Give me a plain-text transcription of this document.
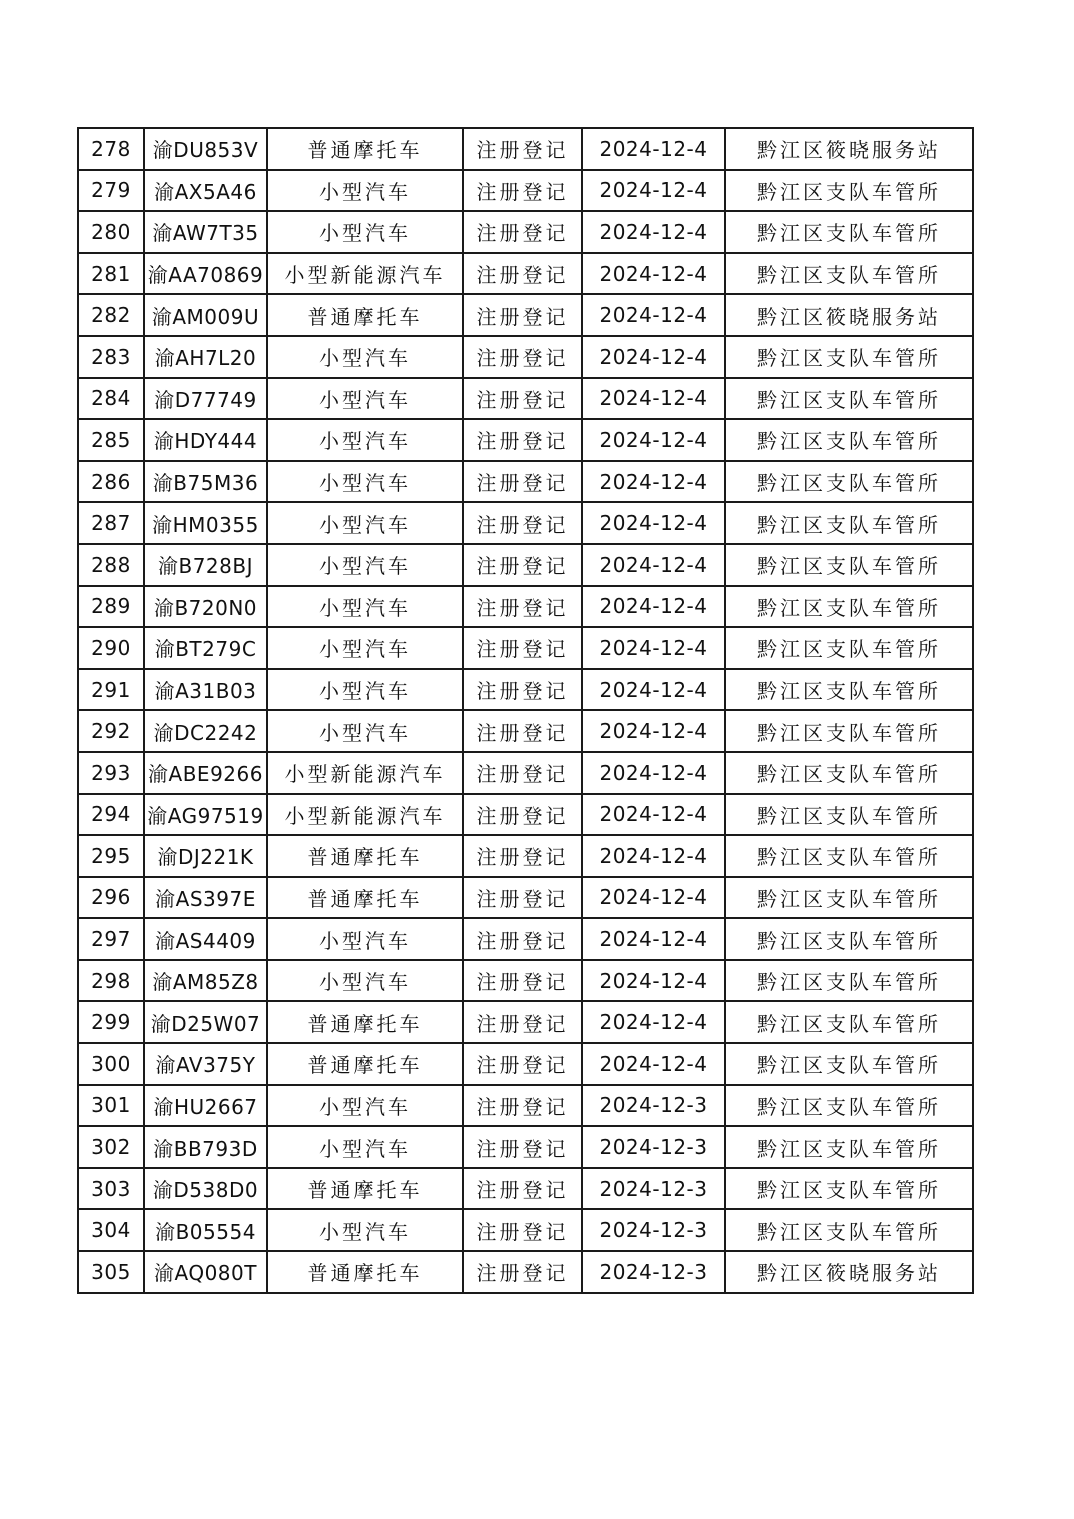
278	渝DU853V	普通摩托车	注册登记	2024-12-4	黔江区筱晓服务站
279	渝AX5A46	小型汽车	注册登记	2024-12-4	黔江区支队车管所
280	渝AW7T35	小型汽车	注册登记	2024-12-4	黔江区支队车管所
281	渝AA70869	小型新能源汽车	注册登记	2024-12-4	黔江区支队车管所
282	渝AM009U	普通摩托车	注册登记	2024-12-4	黔江区筱晓服务站
283	渝AH7L20	小型汽车	注册登记	2024-12-4	黔江区支队车管所
284	渝D77749	小型汽车	注册登记	2024-12-4	黔江区支队车管所
285	渝HDY444	小型汽车	注册登记	2024-12-4	黔江区支队车管所
286	渝B75M36	小型汽车	注册登记	2024-12-4	黔江区支队车管所
287	渝HM0355	小型汽车	注册登记	2024-12-4	黔江区支队车管所
288	渝B728BJ	小型汽车	注册登记	2024-12-4	黔江区支队车管所
289	渝B720N0	小型汽车	注册登记	2024-12-4	黔江区支队车管所
290	渝BT279C	小型汽车	注册登记	2024-12-4	黔江区支队车管所
291	渝A31B03	小型汽车	注册登记	2024-12-4	黔江区支队车管所
292	渝DC2242	小型汽车	注册登记	2024-12-4	黔江区支队车管所
293	渝ABE9266	小型新能源汽车	注册登记	2024-12-4	黔江区支队车管所
294	渝AG97519	小型新能源汽车	注册登记	2024-12-4	黔江区支队车管所
295	渝DJ221K	普通摩托车	注册登记	2024-12-4	黔江区支队车管所
296	渝AS397E	普通摩托车	注册登记	2024-12-4	黔江区支队车管所
297	渝AS4409	小型汽车	注册登记	2024-12-4	黔江区支队车管所
298	渝AM85Z8	小型汽车	注册登记	2024-12-4	黔江区支队车管所
299	渝D25W07	普通摩托车	注册登记	2024-12-4	黔江区支队车管所
300	渝AV375Y	普通摩托车	注册登记	2024-12-4	黔江区支队车管所
301	渝HU2667	小型汽车	注册登记	2024-12-3	黔江区支队车管所
302	渝BB793D	小型汽车	注册登记	2024-12-3	黔江区支队车管所
303	渝D538D0	普通摩托车	注册登记	2024-12-3	黔江区支队车管所
304	渝B05554	小型汽车	注册登记	2024-12-3	黔江区支队车管所
305	渝AQ080T	普通摩托车	注册登记	2024-12-3	黔江区筱晓服务站
